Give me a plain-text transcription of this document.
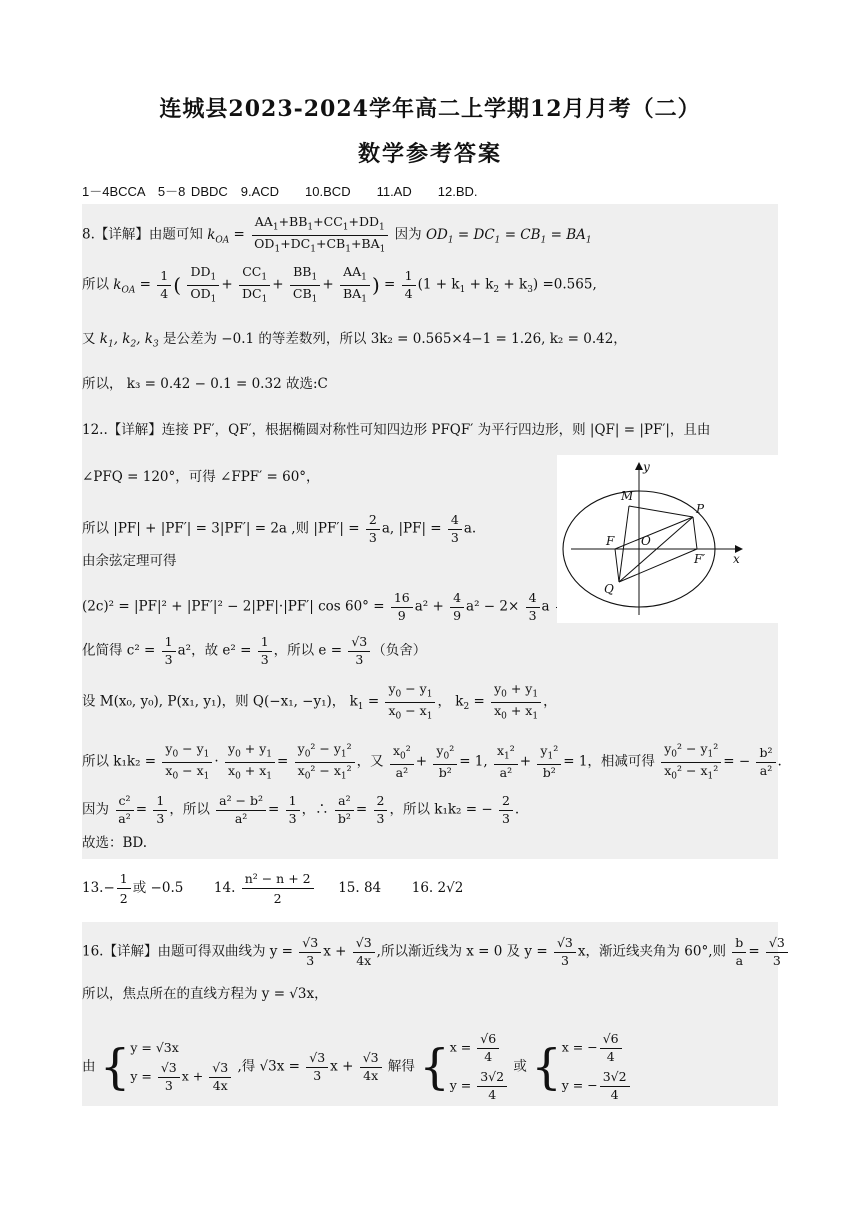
连城县2023-2024学年高二上学期12月月考（二）
数学参考答案
1－4BCCA　5－8 DBDC　9.ACD　　10.BCD　　11.AD　　12.BD.
8.【详解】由题可知 $k_{OA} = \frac{AA_1+BB_1+CC_1+DD_1}{OD_1+DC_1+CB_1+BA_1}$ 因为 $OD_1 = DC_1 = CB_1 = BA_1$
所以 $k_{OA} = \frac{1}{4}$ ( $\frac{DD_1}{OD_1} + \frac{CC_1}{DC_1} + \frac{BB_1}{CB_1} + \frac{AA_1}{BA_1}$ ) = $\frac{1}{4} (1 + k_1 + k_2 + k_3) =0.565$,
又 $k_1$, $k_2$, $k_3$ 是公差为 −0.1 的等差数列，所以 3k₂ = 0.565×4−1 = 1.26, k₂ = 0.42，
所以， k₃ = 0.42 − 0.1 = 0.32 故选:C
12..【详解】连接 PF′，QF′，根据椭圆对称性可知四边形 PFQF′ 为平行四边形，则 |QF| = |PF′|，且由
∠PFQ = 120°，可得 ∠FPF′ = 60°，
所以 |PF| + |PF′| = 3|PF′| = 2a ,则 $|PF'| = \frac{2}{3} a$, $|PF| = \frac{4}{3} a$.
由余弦定理可得
(2c)² = |PF|² + |PF′|² − 2|PF|·|PF′| $\cos 60^\circ = \frac{16}{9} a^2 + \frac{4}{9} a^2 - 2\times \frac{4}{3}$ a
化简得 $c^2 = \frac{1}{3} a^2$，故 $e^2 = \frac{1}{3}$ ，所以 $e = \frac{√3}{3}$ （负舍）
设 M(x₀, y₀), P(x₁, y₁)，则 Q(−x₁, −y₁)， $k_1 = \frac{y_0 - y_1}{x_0 - x_1}$ ， $k_2 = \frac{y_0 + y_1}{x_0 + x_1}$ ，
所以 $k_1k_2 = \frac{y_0 - y_1}{x_0 - x_1} \cdot \frac{y_0 + y_1}{x_0 + x_1} = \frac{y_0^2 - y_1^2}{x_0^2 - x_1^2}$ ，又 $\frac{x_0^2}{\text{a²}} + \frac{y_0^2}{\text{b²}} = 1$, $\frac{x_1^2}{\text{a²}} + \frac{y_1^2}{\text{b²}} = 1$，相减可得 $\frac{y_0^2 - y_1^2}{x_0^2 - x_1^2}$ = − $\frac{\text{b²}}{\text{a²}}$ .
因为 $\frac{\text{c²}}{\text{a²}} = \frac{1}{3}$ ，所以 $\frac{\text{a² − b²}}{\text{a²}} = \frac{1}{3}$ ，∴ $\frac{\text{a²}}{\text{b²}} = \frac{2}{3}$ ，所以 k₁k₂ = − $\frac{2}{3}$ .
故选：BD.
y
M
P
F O
F′ x
Q
$13.- \frac{1}{2}$ 或 −0.5 14. $\frac{\text{n² − n + 2}}{2} 15$. 84 16. 2√2
16.【详解】由题可得双曲线为 $y = \frac{√3}{3}$ $x + \frac{√3}{4x}$ ,所以渐近线为 x = 0 及 $y = \frac{√3}{3}$ x，渐近线夹角为 60°,则 $\frac{b}{a} = \frac{√3}{3}$
所以，焦点所在的直线方程为 y = √3x，
由 { y = √3x
$y = \frac{√3}{3}$ $x + \frac{√3}{4x}$ ,得 $√3x = \frac{√3}{3}$ $x + \frac{√3}{4x}$ 解得 { $x = \frac{√6}{4}$
$y = \frac{3√2}{4}$
或 { x = − $\frac{√6}{4}$
y = − $\frac{3√2}{4}$
